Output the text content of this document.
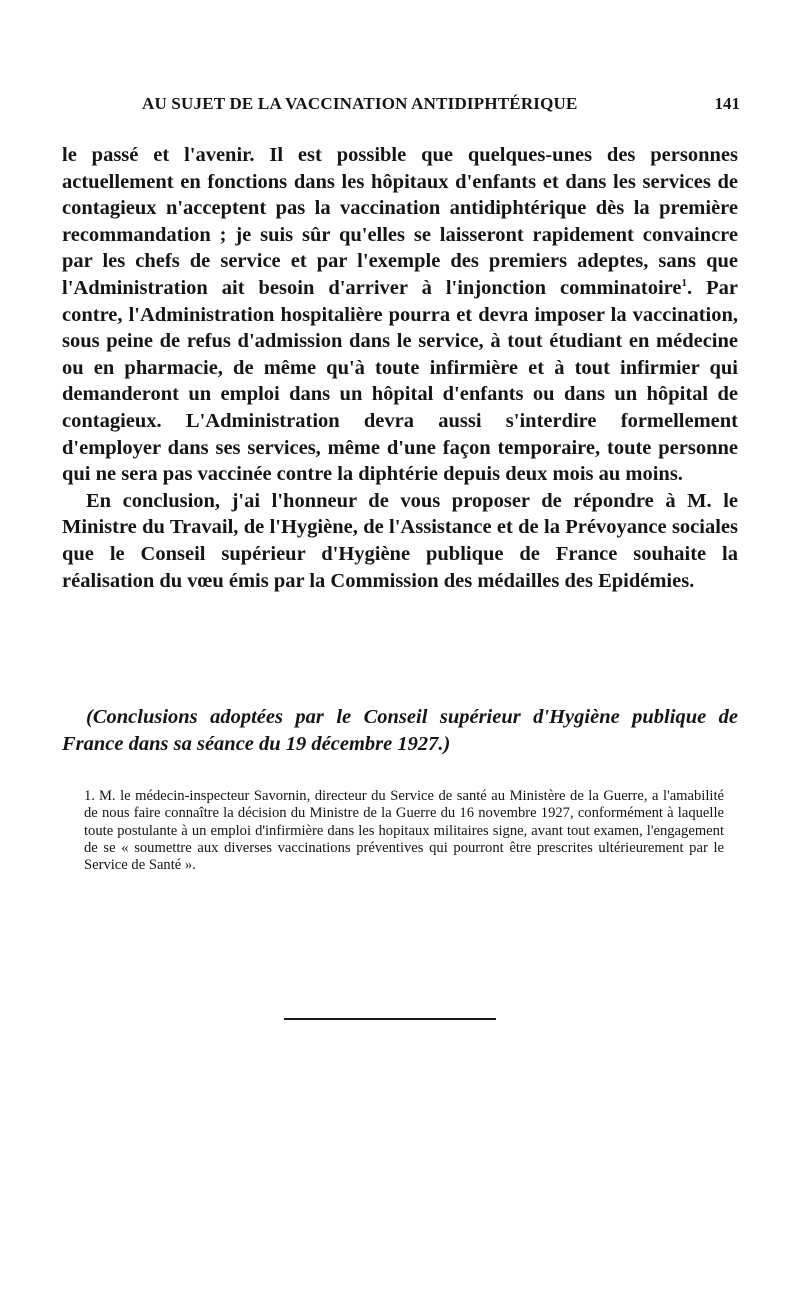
AU SUJET DE LA VACCINATION ANTIDIPHTÉRIQUE	141

le passé et l'avenir. Il est possible que quelques-unes des personnes actuellement en fonctions dans les hôpitaux d'enfants et dans les services de contagieux n'acceptent pas la vaccination antidiphtérique dès la première recommandation ; je suis sûr qu'elles se laisseront rapidement convaincre par les chefs de service et par l'exemple des premiers adeptes, sans que l'Administration ait besoin d'arriver à l'injonction comminatoire$^1$. Par contre, l'Administration hospitalière pourra et devra imposer la vaccination, sous peine de refus d'admission dans le service, à tout étudiant en médecine ou en pharmacie, de même qu'à toute infirmière et à tout infirmier qui demanderont un emploi dans un hôpital d'enfants ou dans un hôpital de contagieux. L'Administration devra aussi s'interdire formellement d'employer dans ses services, même d'une façon temporaire, toute personne qui ne sera pas vaccinée contre la diphtérie depuis deux mois au moins.

En conclusion, j'ai l'honneur de vous proposer de répondre à M. le Ministre du Travail, de l'Hygiène, de l'Assistance et de la Prévoyance sociales que le Conseil supérieur d'Hygiène publique de France souhaite la réalisation du vœu émis par la Commission des médailles des Epidémies.

(Conclusions adoptées par le Conseil supérieur d'Hygiène publique de France dans sa séance du 19 décembre 1927.)

1. M. le médecin-inspecteur Savornin, directeur du Service de santé au Ministère de la Guerre, a l'amabilité de nous faire connaître la décision du Ministre de la Guerre du 16 novembre 1927, conformément à laquelle toute postulante à un emploi d'infirmière dans les hopitaux militaires signe, avant tout examen, l'engagement de se « soumettre aux diverses vaccinations préventives qui pourront être prescrites ultérieurement par le Service de Santé ».
